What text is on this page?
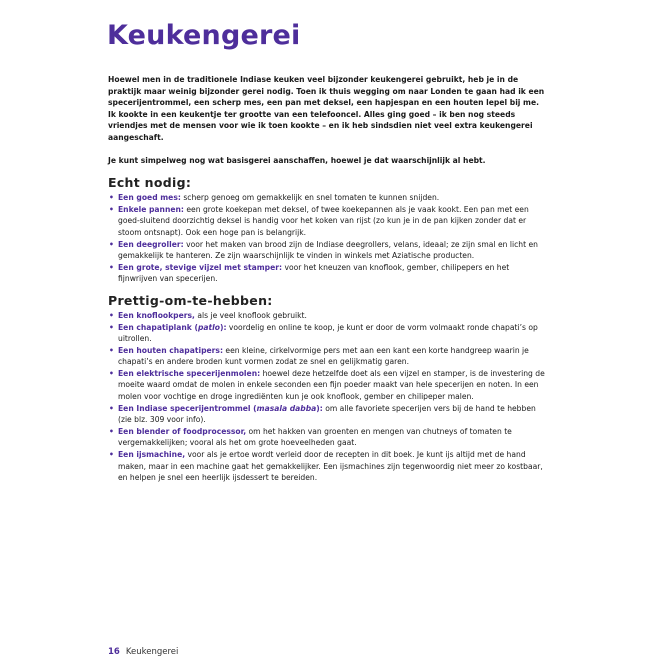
Keukengerei

Hoewel men in de traditionele Indiase keuken veel bijzonder keukengerei gebruikt, heb je in de praktijk maar weinig bijzonder gerei nodig. Toen ik thuis wegging om naar Londen te gaan had ik een specerijentrommel, een scherp mes, een pan met deksel, een hapjespan en een houten lepel bij me. Ik kookte in een keukentje ter grootte van een telefooncel. Alles ging goed – ik ben nog steeds vriendjes met de mensen voor wie ik toen kookte – en ik heb sindsdien niet veel extra keukengerei aangeschaft.

Je kunt simpelweg nog wat basisgerei aanschaffen, hoewel je dat waarschijnlijk al hebt.

Echt nodig:
• Een goed mes: scherp genoeg om gemakkelijk en snel tomaten te kunnen snijden.
• Enkele pannen: een grote koekepan met deksel, of twee koekepannen als je vaak kookt. Een pan met een goed-sluitend doorzichtig deksel is handig voor het koken van rijst (zo kun je in de pan kijken zonder dat er stoom ontsnapt). Ook een hoge pan is belangrijk.
• Een deegroller: voor het maken van brood zijn de Indiase deegrollers, velans, ideaal; ze zijn smal en licht en gemakkelijk te hanteren. Ze zijn waarschijnlijk te vinden in winkels met Aziatische producten.
• Een grote, stevige vijzel met stamper: voor het kneuzen van knoflook, gember, chilipepers en het fijnwrijven van specerijen.
Prettig-om-te-hebben:
• Een knoflookpers, als je veel knoflook gebruikt.
• Een chapatiplank (patlo): voordelig en online te koop, je kunt er door de vorm volmaakt ronde chapati’s op uitrollen.
• Een houten chapatipers: een kleine, cirkelvormige pers met aan een kant een korte handgreep waarin je chapati’s en andere broden kunt vormen zodat ze snel en gelijkmatig garen.
• Een elektrische specerijenmolen: hoewel deze hetzelfde doet als een vijzel en stamper, is de investering de moeite waard omdat de molen in enkele seconden een fijn poeder maakt van hele specerijen en noten. In een molen voor vochtige en droge ingrediënten kun je ook knoflook, gember en chilipeper malen.
• Een Indiase specerijentrommel (masala dabba): om alle favoriete specerijen vers bij de hand te hebben (zie blz. 309 voor info).
• Een blender of foodprocessor, om het hakken van groenten en mengen van chutneys of tomaten te vergemakkelijken; vooral als het om grote hoeveelheden gaat.
• Een ijsmachine, voor als je ertoe wordt verleid door de recepten in dit boek. Je kunt ijs altijd met de hand maken, maar in een machine gaat het gemakkelijker. Een ijsmachines zijn tegenwoordig niet meer zo kostbaar, en helpen je snel een heerlijk ijsdessert te bereiden.
16 Keukengerei
